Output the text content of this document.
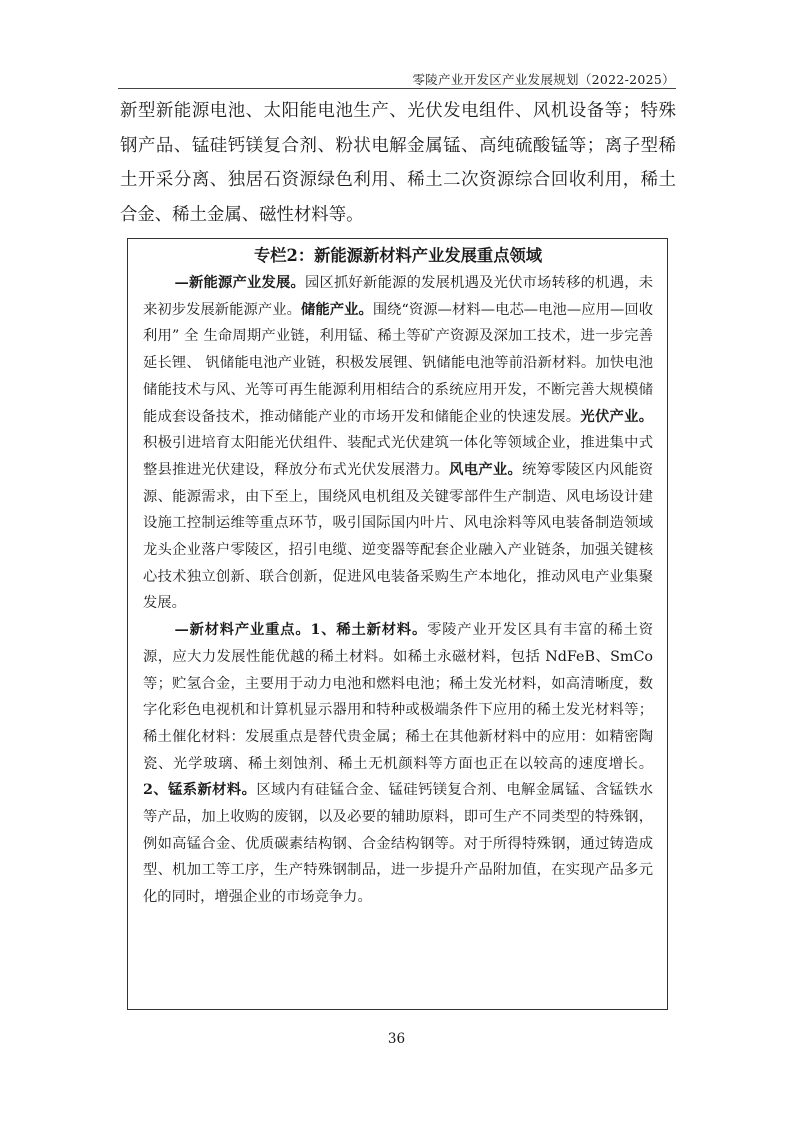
零陵产业开发区产业发展规划（2022-2025）

新型新能源电池、太阳能电池生产、光伏发电组件、风机设备等；特殊钢产品、锰硅钙镁复合剂、粉状电解金属锰、高纯硫酸锰等；离子型稀土开采分离、独居石资源绿色利用、稀土二次资源综合回收利用，稀土合金、稀土金属、磁性材料等。

专栏2：新能源新材料产业发展重点领域

—新能源产业发展。园区抓好新能源的发展机遇及光伏市场转移的机遇，未来初步发展新能源产业。储能产业。围绕“资源—材料—电芯—电池—应用—回收利用” 全 生命周期产业链，利用锰、稀土等矿产资源及深加工技术，进一步完善延长锂、 钒储能电池产业链，积极发展锂、钒储能电池等前沿新材料。加快电池储能技术与风、光等可再生能源利用相结合的系统应用开发，不断完善大规模储能成套设备技术，推动储能产业的市场开发和储能企业的快速发展。光伏产业。积极引进培育太阳能光伏组件、装配式光伏建筑一体化等领域企业，推进集中式整县推进光伏建设，释放分布式光伏发展潜力。风电产业。统筹零陵区内风能资源、能源需求，由下至上，围绕风电机组及关键零部件生产制造、风电场设计建设施工控制运维等重点环节，吸引国际国内叶片、风电涂料等风电装备制造领域龙头企业落户零陵区，招引电缆、逆变器等配套企业融入产业链条，加强关键核心技术独立创新、联合创新，促进风电装备采购生产本地化，推动风电产业集聚发展。

—新材料产业重点。1、稀土新材料。零陵产业开发区具有丰富的稀土资源，应大力发展性能优越的稀土材料。如稀土永磁材料，包括 NdFeB、SmCo 等；贮氢合金，主要用于动力电池和燃料电池；稀土发光材料，如高清晰度，数字化彩色电视机和计算机显示器用和特种或极端条件下应用的稀土发光材料等；稀土催化材料：发展重点是替代贵金属；稀土在其他新材料中的应用：如精密陶瓷、光学玻璃、稀土刻蚀剂、稀土无机颜料等方面也正在以较高的速度增长。2、锰系新材料。区域内有硅锰合金、锰硅钙镁复合剂、电解金属锰、含锰铁水等产品，加上收购的废钢，以及必要的辅助原料，即可生产不同类型的特殊钢，例如高锰合金、优质碳素结构钢、合金结构钢等。对于所得特殊钢，通过铸造成型、机加工等工序，生产特殊钢制品，进一步提升产品附加值，在实现产品多元化的同时，增强企业的市场竞争力。

36
